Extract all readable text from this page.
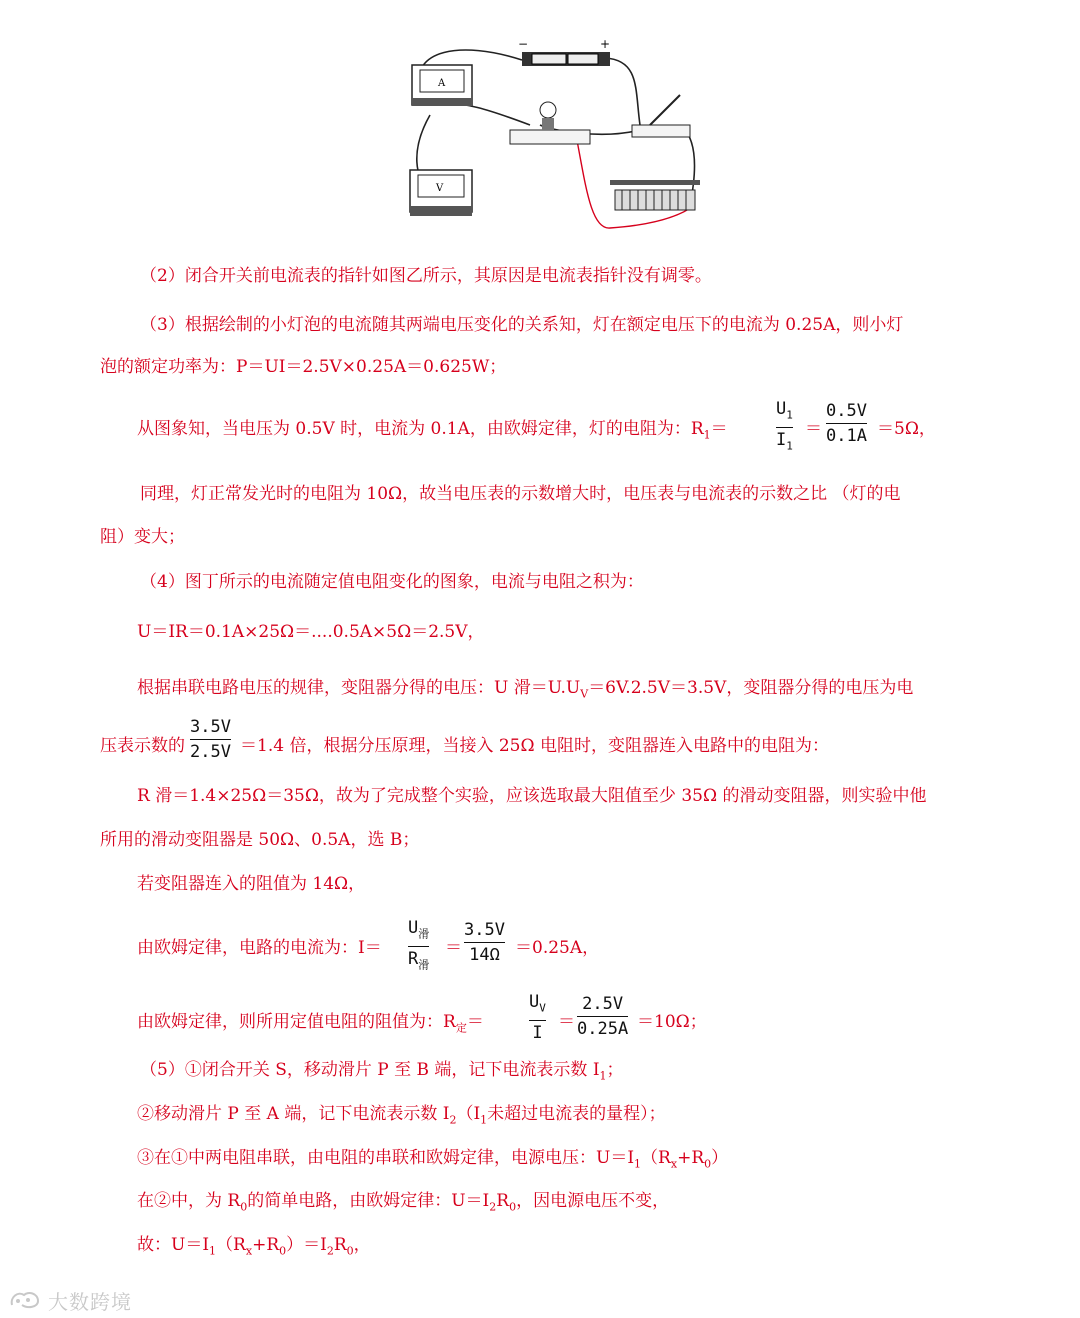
−	+
A
V
（2）闭合开关前电流表的指针如图乙所示，其原因是电流表指针没有调零。
（3）根据绘制的小灯泡的电流随其两端电压变化的关系知，灯在额定电压下的电流为 0.25A，则小灯
泡的额定功率为：P＝UI＝2.5V×0.25A＝0.625W；
从图象知，当电压为 0.5V 时，电流为 0.1A，由欧姆定律，灯的电阻为：$R_1=$
$U_1$
$I_1$
＝
0.5V
0.1A ＝5Ω，
同理，灯正常发光时的电阻为 10Ω，故当电压表的示数增大时，电压表与电流表的示数之比 （灯的电
阻）变大；
（4）图丁所示的电流随定值电阻变化的图象，电流与电阻之积为：
U＝IR＝0.1A×25Ω＝....0.5A×5Ω＝2.5V，
根据串联电路电压的规律，变阻器分得的电压：U 滑$=U.U_V=6V.2.5V=3.5V$，变阻器分得的电压为电
压表示数的
3.5V
2.5V ＝1.4 倍，根据分压原理，当接入 25Ω 电阻时，变阻器连入电路中的电阻为：
R 滑＝1.4×25Ω＝35Ω，故为了完成整个实验，应该选取最大阻值至少 35Ω 的滑动变阻器，则实验中他
所用的滑动变阻器是 50Ω、0.5A，选 B；
若变阻器连入的阻值为 14Ω，
由欧姆定律，电路的电流为：I＝
$U_滑$
$R_滑$
＝
3.5V
14Ω ＝0.25A，
由欧姆定律，则所用定值电阻的阻值为：$R_定=$
$U_V$
I
＝
2.5V
0.25A ＝10Ω；
（5）①闭合开关 S，移动滑片 P 至 B 端，记下电流表示数 $I_1$；
②移动滑片 P 至 A 端，记下电流表示数 $I_2(I_1$未超过电流表的量程）；
③在①中两电阻串联，由电阻的串联和欧姆定律，电源电压：$U=I_1(R_x+R_0)$
在②中，为 $R_0$的简单电路，由欧姆定律：$U=I_2R_0$，因电源电压不变，
故：$U=I_1(R_x+R_0)=I_2R_0$，
大数跨境
